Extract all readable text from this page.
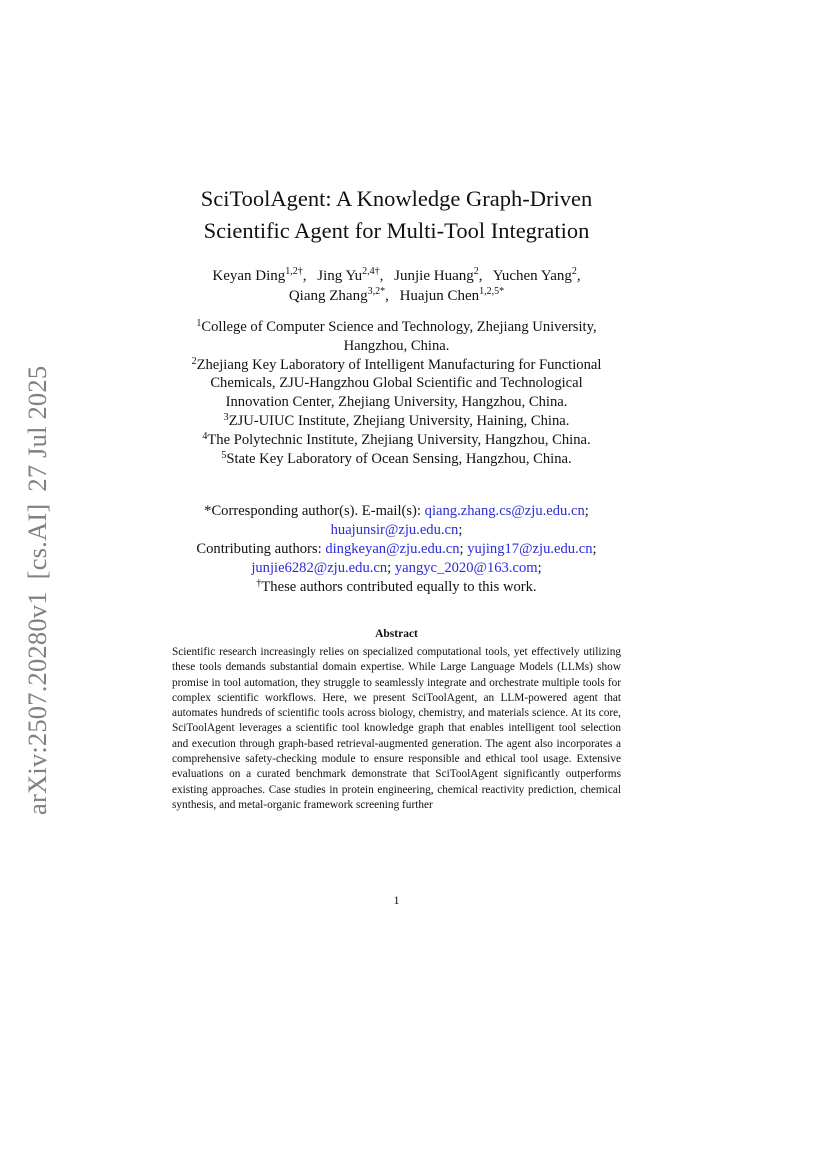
arXiv:2507.20280v1[cs.AI]27 Jul 2025
SciToolAgent: A Knowledge Graph-Driven
Scientific Agent for Multi-Tool Integration
Keyan Ding$^{1,2\dagger}$, Jing $Yu^{2,4\dagger}$, Junjie Huang$^2$, Yuchen Yang$^2$,
Qiang Zhang$^{3,2*}$, Huajun Chen$^{1,2,5*}$
$^1$College of Computer Science and Technology, Zhejiang University,
Hangzhou, China.
$^2$Zhejiang Key Laboratory of Intelligent Manufacturing for Functional
Chemicals, ZJU-Hangzhou Global Scientific and Technological
Innovation Center, Zhejiang University, Hangzhou, China.
$^3$ZJU-UIUC Institute, Zhejiang University, Haining, China.
$^4$The Polytechnic Institute, Zhejiang University, Hangzhou, China.
$^5$State Key Laboratory of Ocean Sensing, Hangzhou, China.
*Corresponding author(s). E-mail(s): qiang.zhang.cs@zju.edu.cn;
huajunsir@zju.edu.cn;
Contributing authors: dingkeyan@zju.edu.cn; yujing17@zju.edu.cn;
junjie6282@zju.edu.cn; yangyc_2020@163.com;
†These authors contributed equally to this work.
Abstract
Scientific research increasingly relies on specialized computational tools, yet effectively utilizing these tools demands substantial domain expertise. While Large Language Models (LLMs) show promise in tool automation, they struggle to seamlessly integrate and orchestrate multiple tools for complex scientific workflows. Here, we present SciToolAgent, an LLM-powered agent that automates hundreds of scientific tools across biology, chemistry, and materials science. At its core, SciToolAgent leverages a scientific tool knowledge graph that enables intelligent tool selection and execution through graph-based retrieval-augmented generation. The agent also incorporates a comprehensive safety-checking module to ensure responsible and ethical tool usage. Extensive evaluations on a curated benchmark demonstrate that SciToolAgent significantly outperforms existing approaches. Case studies in protein engineering, chemical reactivity prediction, chemical synthesis, and metal-organic framework screening further
1
